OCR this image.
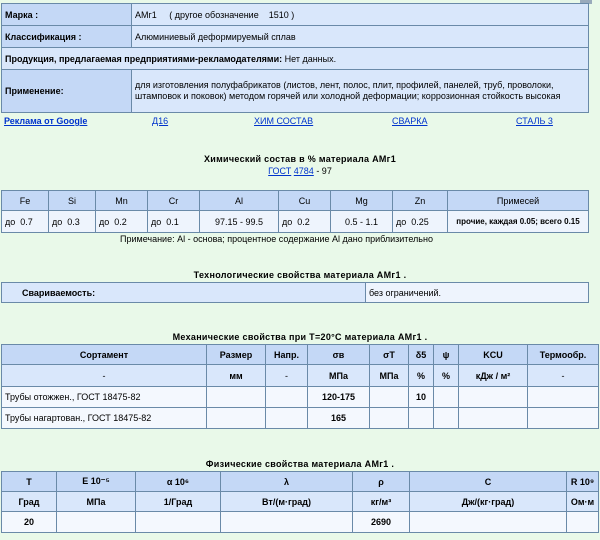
Марка :	АМг1     ( другое обозначение    1510 )
Классификация :	Алюминиевый деформируемый сплав
Продукция, предлагаемая предприятиями-рекламодателями: Нет данных.	
Применение:	для изготовления полуфабрикатов (листов, лент, полос, плит, профилей, панелей, труб, проволоки, штамповок и поковок) методом горячей или холодной деформации; коррозионная стойкость высокая
Реклама от Google	Д16	ХИМ СОСТАВ	СВАРКА	СТАЛЬ 3
Химический состав в % материала АМг1
ГОСТ 4784 - 97
Fe	Si	Mn	Cr	Al	Cu	Mg	Zn	Примесей
до  0.7	до  0.3	до  0.2	до  0.1	97.15 - 99.5	до  0.2	0.5 - 1.1	до  0.25	прочие, каждая 0.05; всего 0.15
Примечание: Al - основа; процентное содержание Al дано приблизительно
Технологические свойства материала АМг1 .
Свариваемость:	без ограничений.
Механические свойства при Т=20°С материала АМг1 .
Сортамент	Размер	Напр.	σв	σT	δ5	ψ	KCU	Термообр.
-	мм	-	МПа	МПа	%	%	кДж / м²	-
Трубы отожжен., ГОСТ 18475-82			120-175		10			
Трубы нагартован., ГОСТ 18475-82			165					
Физические свойства материала АМг1 .
T	E 10⁻⁵	α 10⁶	λ	ρ	C	R 10⁹
Град	МПа	1/Град	Вт/(м·град)	кг/м³	Дж/(кг·град)	Ом·м
20				2690		
